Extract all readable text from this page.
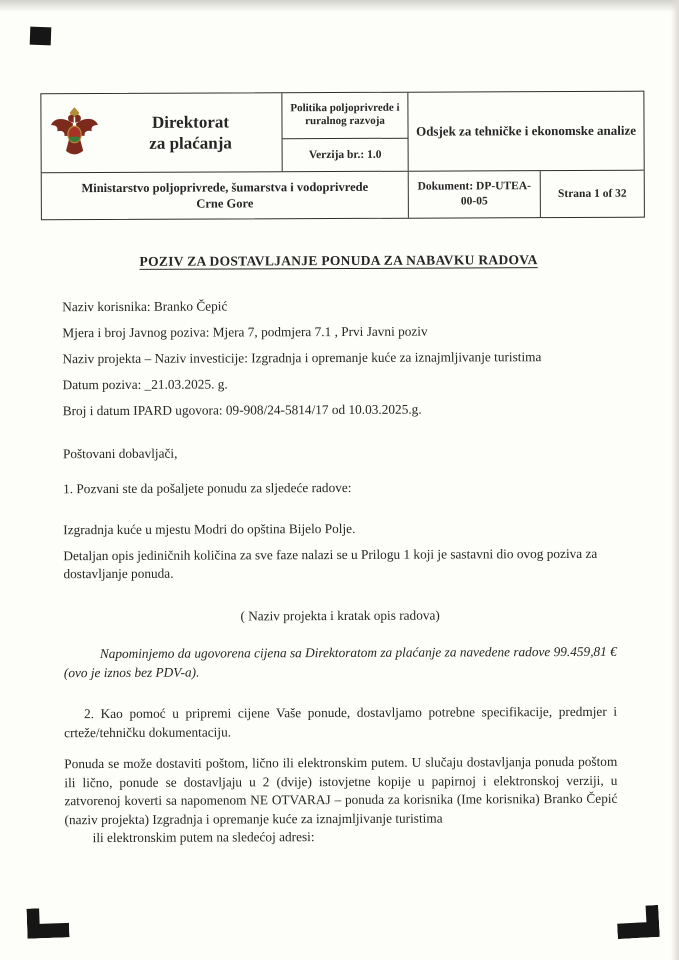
Direktorat
za plaćanja
Politika poljoprivrede i ruralnog razvoja
Verzija br.: 1.0
Odsjek za tehničke i ekonomske analize
Ministarstvo poljoprivrede, šumarstva i vodoprivrede Crne Gore
Dokument: DP-UTEA-00-05
Strana 1 of 32
POZIV ZA DOSTAVLJANJE PONUDA ZA NABAVKU RADOVA

Naziv korisnika: Branko Čepić

Mjera i broj Javnog poziva: Mjera 7, podmjera 7.1 , Prvi Javni poziv

Naziv projekta – Naziv investicije: Izgradnja i opremanje kuće za iznajmljivanje turistima

Datum poziva: _21.03.2025. g.

Broj i datum IPARD ugovora: 09-908/24-5814/17 od 10.03.2025.g.

Poštovani dobavljači,

1. Pozvani ste da pošaljete ponudu za sljedeće radove:

Izgradnja kuće u mjestu Modri do opština Bijelo Polje.

Detaljan opis jediničnih količina za sve faze nalazi se u Prilogu 1 koji je sastavni dio ovog poziva za dostavljanje ponuda.

( Naziv projekta i kratak opis radova)

Napominjemo da ugovorena cijena sa Direktoratom za plaćanje za navedene radove 99.459,81 € (ovo je iznos bez PDV-a).

2. Kao pomoć u pripremi cijene Vaše ponude, dostavljamo potrebne specifikacije, predmjer i crteže/tehničku dokumentaciju.

Ponuda se može dostaviti poštom, lično ili elektronskim putem. U slučaju dostavljanja ponuda poštom ili lično, ponude se dostavljaju u 2 (dvije) istovjetne kopije u papirnoj i elektronskoj verziji, u zatvorenoj koverti sa napomenom NE OTVARAJ – ponuda za korisnika (Ime korisnika) Branko Čepić (naziv projekta) Izgradnja i opremanje kuće za iznajmljivanje turistima

ili elektronskim putem na sledećoj adresi:
